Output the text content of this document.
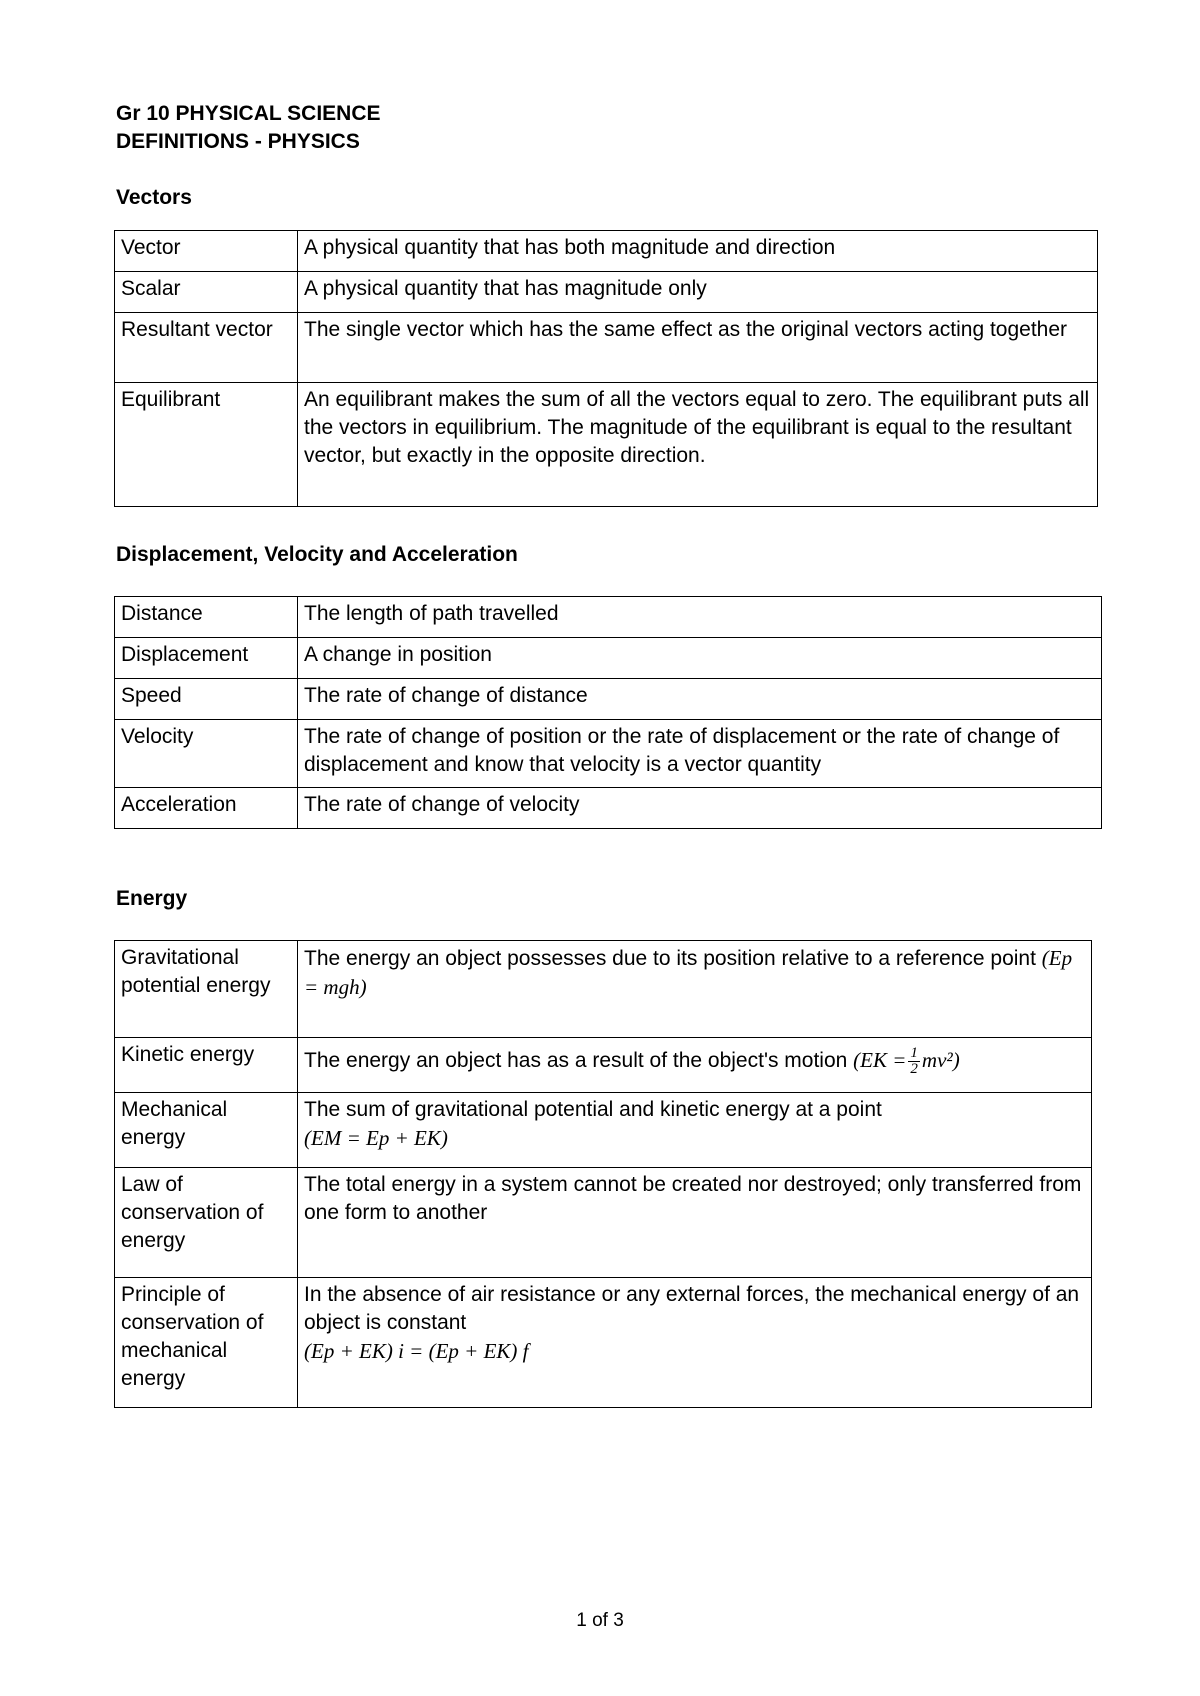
Gr 10 PHYSICAL SCIENCE
DEFINITIONS - PHYSICS
Vectors
Vector	A physical quantity that has both magnitude and direction
Scalar	A physical quantity that has magnitude only
Resultant vector	The single vector which has the same effect as the original vectors acting together
Equilibrant	An equilibrant makes the sum of all the vectors equal to zero. The equilibrant puts all the vectors in equilibrium. The magnitude of the equilibrant is equal to the resultant vector, but exactly in the opposite direction.
Displacement, Velocity and Acceleration
Distance	The length of path travelled
Displacement	A change in position
Speed	The rate of change of distance
Velocity	The rate of change of position or the rate of displacement or the rate of change of displacement and know that velocity is a vector quantity
Acceleration	The rate of change of velocity
Energy
Gravitational potential energy	The energy an object possesses due to its position relative to a reference point (Ep = mgh)
Kinetic energy	The energy an object has as a result of the object's motion $(EK = \frac{1}{2} mv^2)$
Mechanical energy	The sum of gravitational potential and kinetic energy at a point
(EM = Ep + EK)

Law of conservation of energy	The total energy in a system cannot be created nor destroyed; only transferred from one form to another
Principle of conservation of mechanical energy	In the absence of air resistance or any external forces, the mechanical energy of an object is constant
(Ep + EK) i = (Ep + EK) f
1 of 3
